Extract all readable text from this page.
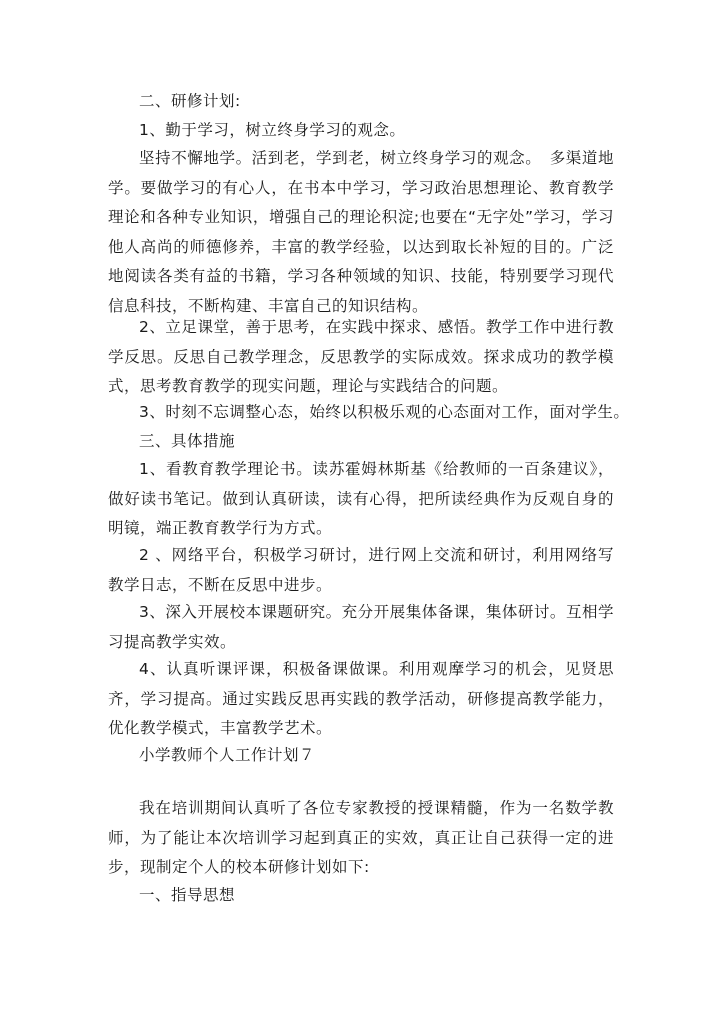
二、研修计划:

1、勤于学习，树立终身学习的观念。

坚持不懈地学。活到老，学到老，树立终身学习的观念。　多渠道地学。要做学习的有心人，在书本中学习，学习政治思想理论、教育教学理论和各种专业知识，增强自己的理论积淀;也要在“无字处”学习，学习他人高尚的师德修养，丰富的教学经验，以达到取长补短的目的。广泛地阅读各类有益的书籍，学习各种领域的知识、技能，特别要学习现代信息科技，不断构建、丰富自己的知识结构。

2、立足课堂，善于思考，在实践中探求、感悟。教学工作中进行教学反思。反思自己教学理念，反思教学的实际成效。探求成功的教学模式，思考教育教学的现实问题，理论与实践结合的问题。

3、时刻不忘调整心态，始终以积极乐观的心态面对工作，面对学生。

三、具体措施

1、看教育教学理论书。读苏霍姆林斯基《给教师的一百条建议》，做好读书笔记。做到认真研读，读有心得，把所读经典作为反观自身的明镜，端正教育教学行为方式。

2 、网络平台，积极学习研讨，进行网上交流和研讨，利用网络写教学日志，不断在反思中进步。

3、深入开展校本课题研究。充分开展集体备课，集体研讨。互相学习提高教学实效。

4、认真听课评课，积极备课做课。利用观摩学习的机会，见贤思齐，学习提高。通过实践反思再实践的教学活动，研修提高教学能力，优化教学模式，丰富教学艺术。

小学教师个人工作计划７

我在培训期间认真听了各位专家教授的授课精髓，作为一名数学教师，为了能让本次培训学习起到真正的实效，真正让自己获得一定的进步，现制定个人的校本研修计划如下:

一、指导思想
